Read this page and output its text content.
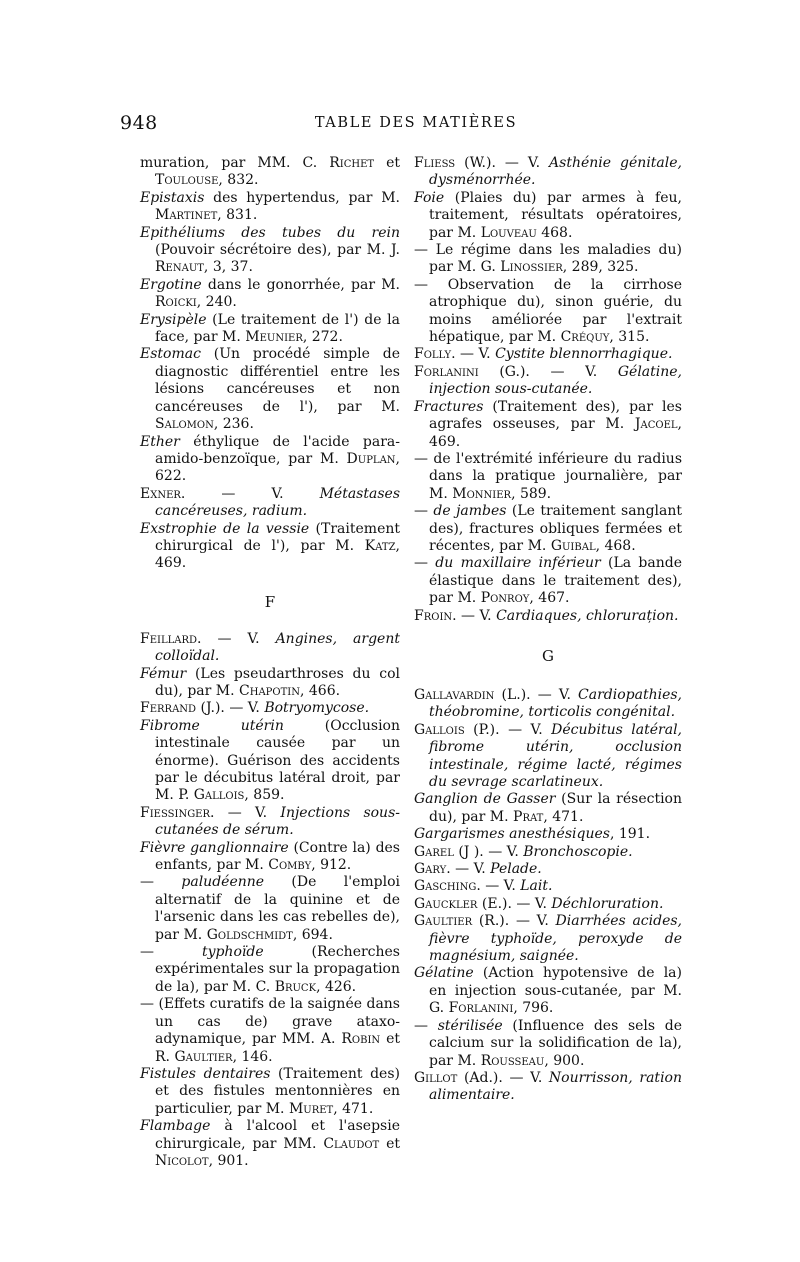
948	TABLE DES MATIÈRES

muration, par MM. C. Richet et Toulouse, 832.

Epistaxis des hypertendus, par M. Martinet, 831.

Epithéliums des tubes du rein (Pouvoir sécrétoire des), par M. J. Renaut, 3, 37.

Ergotine dans le gonorrhée, par M. Roicki, 240.

Erysipèle (Le traitement de l') de la face, par M. Meunier, 272.

Estomac (Un procédé simple de diagnostic différentiel entre les lésions cancéreuses et non cancéreuses de l'), par M. Salomon, 236.

Ether éthylique de l'acide para-amido-benzoïque, par M. Duplan, 622.

Exner. — V. Métastases cancéreuses, radium.

Exstrophie de la vessie (Traitement chirurgical de l'), par M. Katz, 469.

F

Feillard. — V. Angines, argent colloïdal.

Fémur (Les pseudarthroses du col du), par M. Chapotin, 466.

Ferrand (J.). — V. Botryomycose.

Fibrome utérin (Occlusion intestinale causée par un énorme). Guérison des accidents par le décubitus latéral droit, par M. P. Gallois, 859.

Fiessinger. — V. Injections sous-cutanées de sérum.

Fièvre ganglionnaire (Contre la) des enfants, par M. Comby, 912.

— paludéenne (De l'emploi alternatif de la quinine et de l'arsenic dans les cas rebelles de), par M. Goldschmidt, 694.

— typhoïde (Recherches expérimentales sur la propagation de la), par M. C. Bruck, 426.

— (Effets curatifs de la saignée dans un cas de) grave ataxo-adynamique, par MM. A. Robin et R. Gaultier, 146.

Fistules dentaires (Traitement des) et des fistules mentonnières en particulier, par M. Muret, 471.

Flambage à l'alcool et l'asepsie chirurgicale, par MM. Claudot et Nicolot, 901.

Fliess (W.). — V. Asthénie génitale, dysménorrhée.

Foie (Plaies du) par armes à feu, traitement, résultats opératoires, par M. Louveau 468.

— Le régime dans les maladies du) par M. G. Linossier, 289, 325.

— Observation de la cirrhose atrophique du), sinon guérie, du moins améliorée par l'extrait hépatique, par M. Créquy, 315.

Folly. — V. Cystite blennorrhagique.

Forlanini (G.). — V. Gélatine, injection sous-cutanée.

Fractures (Traitement des), par les agrafes osseuses, par M. Jacoel, 469.

— de l'extrémité inférieure du radius dans la pratique journalière, par M. Monnier, 589.

— de jambes (Le traitement sanglant des), fractures obliques fermées et récentes, par M. Guibal, 468.

— du maxillaire inférieur (La bande élastique dans le traitement des), par M. Ponroy, 467.

Froin. — V. Cardiaques, chlorurațion.

G

Gallavardin (L.). — V. Cardiopathies, théobromine, torticolis congénital.

Gallois (P.). — V. Décubitus latéral, fibrome utérin, occlusion intestinale, régime lacté, régimes du sevrage scarlatineux.

Ganglion de Gasser (Sur la résection du), par M. Prat, 471.

Gargarismes anesthésiques, 191.

Garel (J ). — V. Bronchoscopie.

Gary. — V. Pelade.

Gasching. — V. Lait.

Gauckler (E.). — V. Déchloruration.

Gaultier (R.). — V. Diarrhées acides, fièvre typhoïde, peroxyde de magnésium, saignée.

Gélatine (Action hypotensive de la) en injection sous-cutanée, par M. G. Forlanini, 796.

— stérilisée (Influence des sels de calcium sur la solidification de la), par M. Rousseau, 900.

Gillot (Ad.). — V. Nourrisson, ration alimentaire.
